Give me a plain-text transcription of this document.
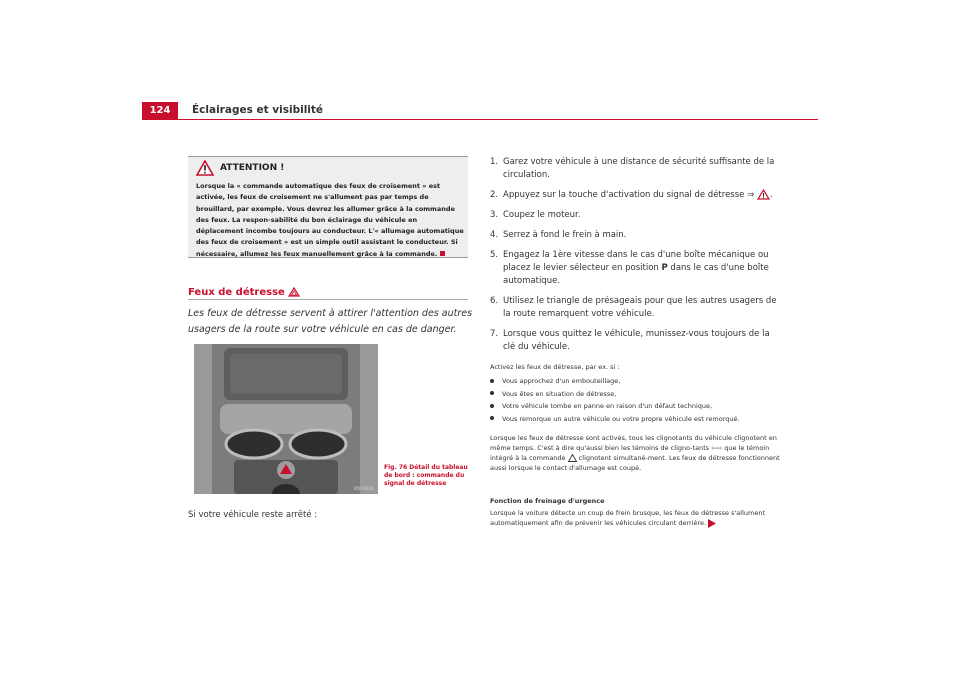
124	Éclairages et visibilité
ATTENTION !
Lorsque la « commande automatique des feux de croisement » est activée, les feux de croisement ne s'allument pas par temps de brouillard, par exemple. Vous devrez les allumer grâce à la commande des feux. La respon-sabilité du bon éclairage du véhicule en déplacement incombe toujours au conducteur. L'« allumage automatique des feux de croisement » est un simple outil assistant le conducteur. Si nécessaire, allumez les feux manuellement grâce à la commande.
Feux de détresse
Les feux de détresse servent à attirer l'attention des autres usagers de la route sur votre véhicule en cas de danger.
B5P-0010
Fig. 76 Détail du tableau de bord : commande du signal de détresse
Si votre véhicule reste arrêté :
1. Garez votre véhicule à une distance de sécurité suffisante de la circulation.
2. Appuyez sur la touche d'activation du signal de détresse ⇒ .
3. Coupez le moteur.
4. Serrez à fond le frein à main.
5. Engagez la 1ère vitesse dans le cas d'une boîte mécanique ou placez le levier sélecteur en position P dans le cas d'une boîte automatique.
6. Utilisez le triangle de présageais pour que les autres usagers de la route remarquent votre véhicule.
7. Lorsque vous quittez le véhicule, munissez-vous toujours de la clé du véhicule.
Activez les feux de détresse, par ex. si :
Vous approchez d'un embouteillage,
Vous êtes en situation de détresse,
Votre véhicule tombe en panne en raison d'un défaut technique,
Vous remorque un autre véhicule ou votre propre véhicule est remorqué.
Lorsque les feux de détresse sont activés, tous les clignotants du véhicule clignotent en même temps. C'est à dire qu'aussi bien les témoins de cligno-tants ⇦⇨ que le témoin intégré à la commande clignotent simultané-ment. Les feux de détresse fonctionnent aussi lorsque le contact d'allumage est coupé.
Fonction de freinage d'urgence
Lorsque la voiture détecte un coup de frein brusque, les feux de détresse s'allument automatiquement afin de prévenir les véhicules circulant derrière.
